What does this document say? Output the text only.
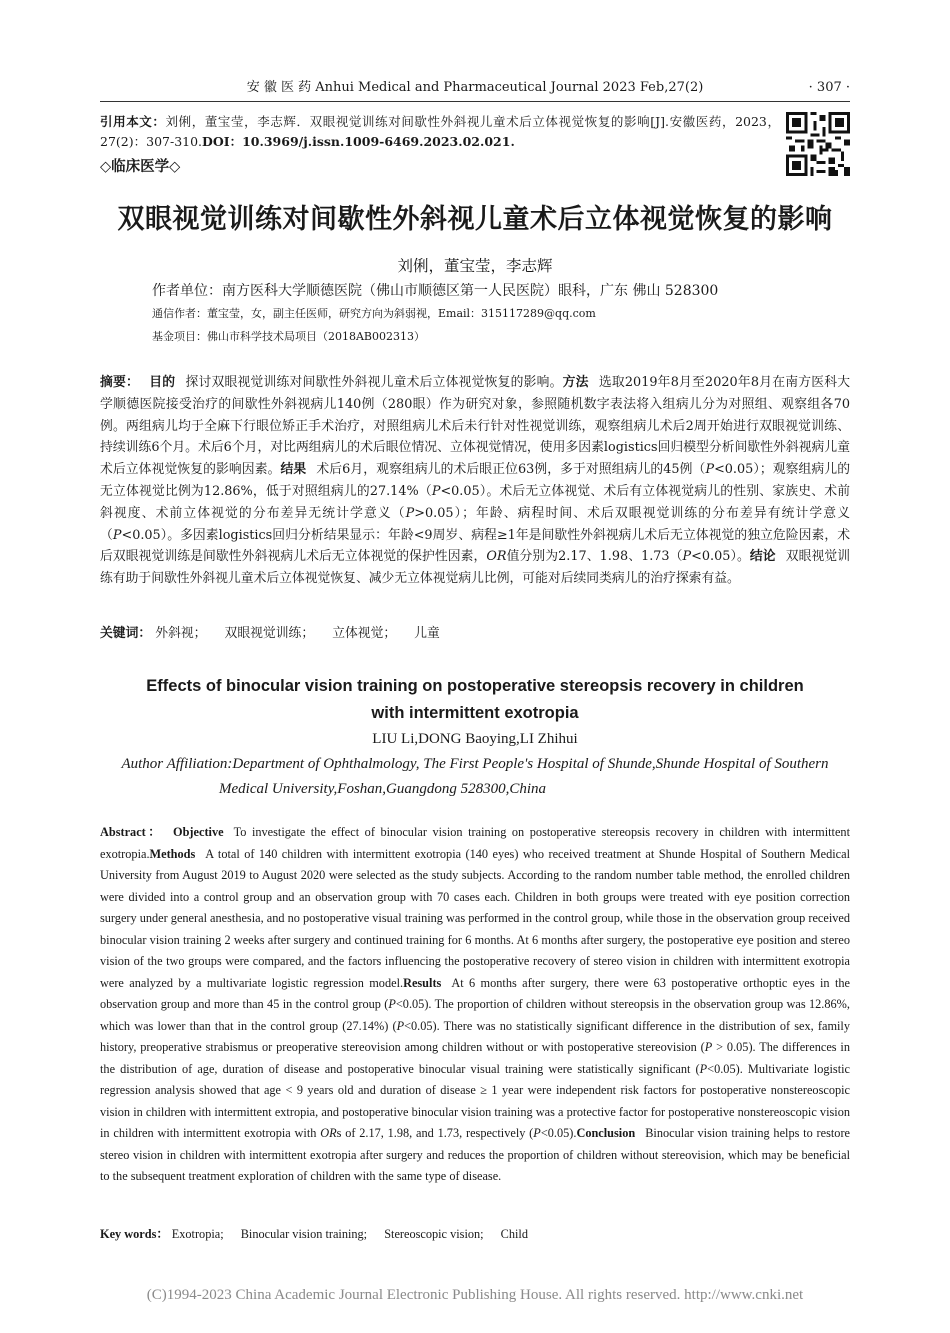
安 徽 医 药 Anhui Medical and Pharmaceutical Journal 2023 Feb,27(2)	· 307 ·
引用本文：刘俐，董宝莹，李志辉．双眼视觉训练对间歇性外斜视儿童术后立体视觉恢复的影响[J].安徽医药，2023，27(2)：307-310.DOI：10.3969/j.issn.1009-6469.2023.02.021.
◇临床医学◇
双眼视觉训练对间歇性外斜视儿童术后立体视觉恢复的影响
刘俐，董宝莹，李志辉
作者单位：南方医科大学顺德医院（佛山市顺德区第一人民医院）眼科，广东 佛山 528300
通信作者：董宝莹，女，副主任医师，研究方向为斜弱视，Email：315117289@qq.com
基金项目：佛山市科学技术局项目（2018AB002313）
摘要： 目的 探讨双眼视觉训练对间歇性外斜视儿童术后立体视觉恢复的影响。方法 选取2019年8月至2020年8月在南方医科大学顺德医院接受治疗的间歇性外斜视病儿140例（280眼）作为研究对象，参照随机数字表法将入组病儿分为对照组、观察组各70例。两组病儿均于全麻下行眼位矫正手术治疗，对照组病儿术后未行针对性视觉训练，观察组病儿术后2周开始进行双眼视觉训练、持续训练6个月。术后6个月，对比两组病儿的术后眼位情况、立体视觉情况，使用多因素logistics回归模型分析间歇性外斜视病儿童术后立体视觉恢复的影响因素。结果 术后6月，观察组病儿的术后眼正位63例，多于对照组病儿的45例（P<0.05）；观察组病儿的无立体视觉比例为12.86%，低于对照组病儿的27.14%（P<0.05）。术后无立体视觉、术后有立体视觉病儿的性别、家族史、术前斜视度、术前立体视觉的分布差异无统计学意义（P>0.05）；年龄、病程时间、术后双眼视觉训练的分布差异有统计学意义（P<0.05）。多因素logistics回归分析结果显示：年龄<9周岁、病程≥1年是间歇性外斜视病儿术后无立体视觉的独立危险因素，术后双眼视觉训练是间歇性外斜视病儿术后无立体视觉的保护性因素，OR值分别为2.17、1.98、1.73（P<0.05）。结论 双眼视觉训练有助于间歇性外斜视儿童术后立体视觉恢复、减少无立体视觉病儿比例，可能对后续同类病儿的治疗探索有益。
关键词： 外斜视； 双眼视觉训练； 立体视觉； 儿童
Effects of binocular vision training on postoperative stereopsis recovery in children
with intermittent exotropia
LIU Li,DONG Baoying,LI Zhihui
Author Affiliation:Department of Ophthalmology, The First People's Hospital of Shunde,Shunde Hospital of Southern
Medical University,Foshan,Guangdong 528300,China
Abstract： Objective To investigate the effect of binocular vision training on postoperative stereopsis recovery in children with intermittent exotropia.Methods A total of 140 children with intermittent exotropia (140 eyes) who received treatment at Shunde Hospital of Southern Medical University from August 2019 to August 2020 were selected as the study subjects. According to the random number table method, the enrolled children were divided into a control group and an observation group with 70 cases each. Children in both groups were treated with eye position correction surgery under general anesthesia, and no postoperative visual training was performed in the control group, while those in the observation group received binocular vision training 2 weeks after surgery and continued training for 6 months. At 6 months after surgery, the postoperative eye position and stereo vision of the two groups were compared, and the factors influencing the postoperative recovery of stereo vision in children with intermittent exotropia were analyzed by a multivariate logistic regression model.Results At 6 months after surgery, there were 63 postoperative orthoptic eyes in the observation group and more than 45 in the control group (P<0.05). The proportion of children without stereopsis in the observation group was 12.86%, which was lower than that in the control group (27.14%) (P<0.05). There was no statistically significant difference in the distribution of sex, family history, preoperative strabismus or preoperative stereovision among children without or with postoperative stereovision (P > 0.05). The differences in the distribution of age, duration of disease and postoperative binocular visual training were statistically significant (P<0.05). Multivariate logistic regression analysis showed that age < 9 years old and duration of disease ≥ 1 year were independent risk factors for postoperative nonstereoscopic vision in children with intermittent extropia, and postoperative binocular vision training was a protective factor for postoperative nonstereoscopic vision in children with intermittent exotropia with ORs of 2.17, 1.98, and 1.73, respectively (P<0.05).Conclusion Binocular vision training helps to restore stereo vision in children with intermittent exotropia after surgery and reduces the proportion of children without stereovision, which may be beneficial to the subsequent treatment exploration of children with the same type of disease.
Key words： Exotropia; Binocular vision training; Stereoscopic vision; Child
(C)1994-2023 China Academic Journal Electronic Publishing House. All rights reserved. http://www.cnki.net
